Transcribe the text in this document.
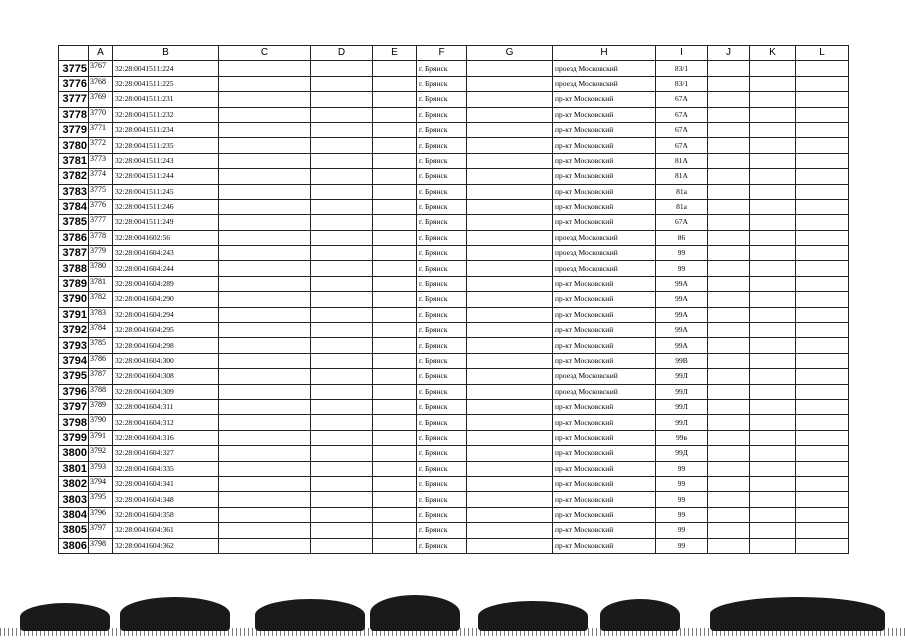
	A	B	C	D	E	F	G	H	I	J	K	L
3775	3767	32:28:0041511:224				г. Брянск		проезд Московский	83/1			
3776	3768	32:28:0041511:225				г. Брянск		проезд Московский	83/1			
3777	3769	32:28:0041511:231				г. Брянск		пр-кт Московский	67А			
3778	3770	32:28:0041511:232				г. Брянск		пр-кт Московский	67А			
3779	3771	32:28:0041511:234				г. Брянск		пр-кт Московский	67А			
3780	3772	32:28:0041511:235				г. Брянск		пр-кт Московский	67А			
3781	3773	32:28:0041511:243				г. Брянск		пр-кт Московский	81А			
3782	3774	32:28:0041511:244				г. Брянск		пр-кт Московский	81А			
3783	3775	32:28:0041511:245				г. Брянск		пр-кт Московский	81а			
3784	3776	32:28:0041511:246				г. Брянск		пр-кт Московский	81а			
3785	3777	32:28:0041511:249				г. Брянск		пр-кт Московский	67А			
3786	3778	32:28:0041602:56				г. Брянск		проезд Московский	86			
3787	3779	32:28:0041604:243				г. Брянск		проезд Московский	99			
3788	3780	32:28:0041604:244				г. Брянск		проезд Московский	99			
3789	3781	32:28:0041604:289				г. Брянск		пр-кт Московский	99А			
3790	3782	32:28:0041604:290				г. Брянск		пр-кт Московский	99А			
3791	3783	32:28:0041604:294				г. Брянск		пр-кт Московский	99А			
3792	3784	32:28:0041604:295				г. Брянск		пр-кт Московский	99А			
3793	3785	32:28:0041604:298				г. Брянск		пр-кт Московский	99А			
3794	3786	32:28:0041604:300				г. Брянск		пр-кт Московский	99В			
3795	3787	32:28:0041604:308				г. Брянск		проезд Московский	99Л			
3796	3788	32:28:0041604:309				г. Брянск		проезд Московский	99Л			
3797	3789	32:28:0041604:311				г. Брянск		пр-кт Московский	99Л			
3798	3790	32:28:0041604:312				г. Брянск		пр-кт Московский	99Л			
3799	3791	32:28:0041604:316				г. Брянск		пр-кт Московский	99в			
3800	3792	32:28:0041604:327				г. Брянск		пр-кт Московский	99Д			
3801	3793	32:28:0041604:335				г. Брянск		пр-кт Московский	99			
3802	3794	32:28:0041604:341				г. Брянск		пр-кт Московский	99			
3803	3795	32:28:0041604:348				г. Брянск		пр-кт Московский	99			
3804	3796	32:28:0041604:358				г. Брянск		пр-кт Московский	99			
3805	3797	32:28:0041604:361				г. Брянск		пр-кт Московский	99			
3806	3798	32:28:0041604:362				г. Брянск		пр-кт Московский	99			
